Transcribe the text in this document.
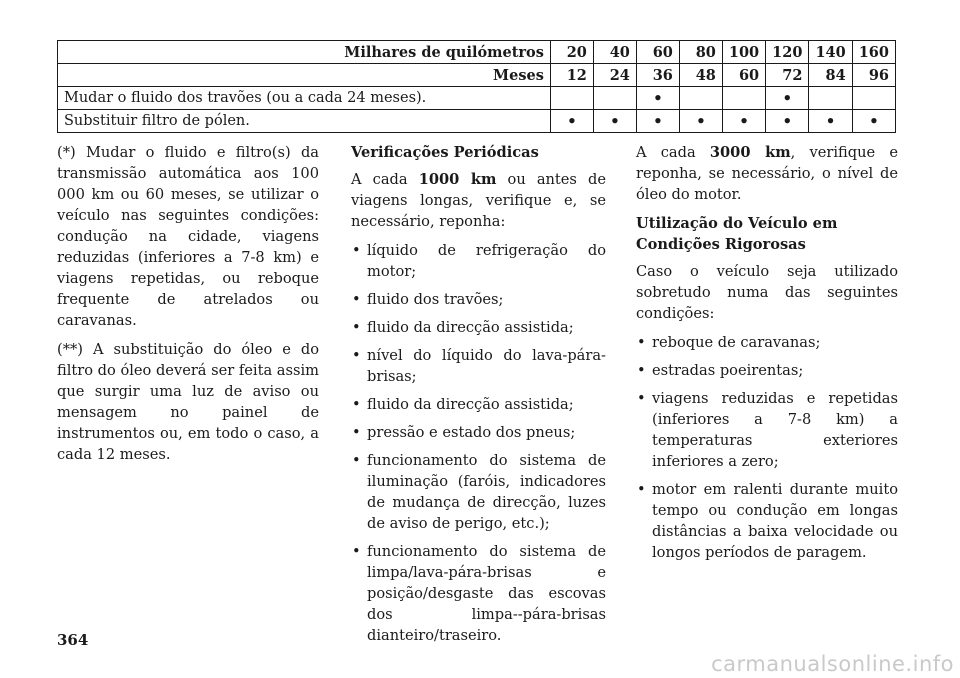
Milhares de quilómetros	20	40	60	80	100	120	140	160
Meses	12	24	36	48	60	72	84	96
Mudar o fluido dos travões (ou a cada 24 meses).			•			•		
Substituir filtro de pólen.	•	•	•	•	•	•	•	•

(*) Mudar o fluido e filtro(s) da transmissão automática aos 100 000 km ou 60 meses, se utilizar o veículo nas seguintes condições: condução na cidade, viagens reduzidas (inferiores a 7-8 km) e viagens repetidas, ou reboque frequente de atrelados ou caravanas.

(**) A substituição do óleo e do filtro do óleo deverá ser feita assim que surgir uma luz de aviso ou mensagem no painel de instrumentos ou, em todo o caso, a cada 12 meses.

Verificações Periódicas

A cada 1000 km ou antes de viagens longas, verifique e, se necessário, reponha:

• líquido de refrigeração do motor;
• fluido dos travões;
• fluido da direcção assistida;
• nível do líquido do lava-pára-brisas;
• fluido da direcção assistida;
• pressão e estado dos pneus;
• funcionamento do sistema de iluminação (faróis, indicadores de mudança de direcção, luzes de aviso de perigo, etc.);
• funcionamento do sistema de limpa/lava-pára-brisas e posição/desgaste das escovas dos limpa--pára-brisas dianteiro/traseiro.

A cada 3000 km, verifique e reponha, se necessário, o nível de óleo do motor.

Utilização do Veículo em Condições Rigorosas

Caso o veículo seja utilizado sobretudo numa das seguintes condições:

• reboque de caravanas;
• estradas poeirentas;
• viagens reduzidas e repetidas (inferiores a 7-8 km) a temperaturas exteriores inferiores a zero;
• motor em ralenti durante muito tempo ou condução em longas distâncias a baixa velocidade ou longos períodos de paragem.
364
carmanualsonline.info
